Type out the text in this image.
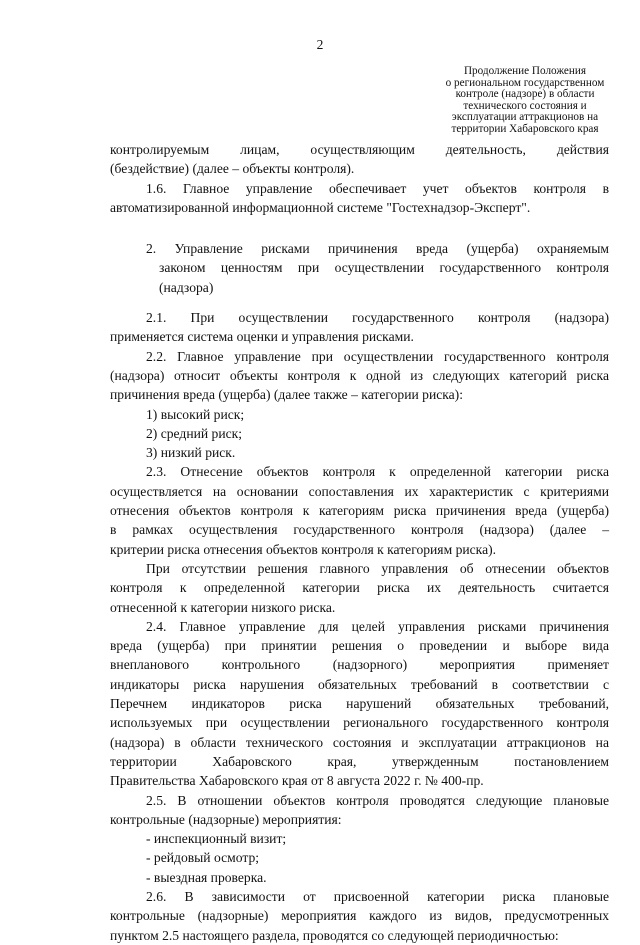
2
Продолжение Положения
о региональном государственном
контроле (надзоре) в области
технического состояния и
эксплуатации аттракционов на
территории Хабаровского края
контролируемым лицам, осуществляющим деятельность, действия
(бездействие) (далее – объекты контроля).
1.6. Главное управление обеспечивает учет объектов контроля в
автоматизированной информационной системе "Гостехнадзор-Эксперт".
2. Управление рисками причинения вреда (ущерба) охраняемым
законом ценностям при осуществлении государственного контроля
(надзора)
2.1. При осуществлении государственного контроля (надзора)
применяется система оценки и управления рисками.
2.2. Главное управление при осуществлении государственного контроля
(надзора) относит объекты контроля к одной из следующих категорий риска
причинения вреда (ущерба) (далее также – категории риска):
1) высокий риск;
2) средний риск;
3) низкий риск.
2.3. Отнесение объектов контроля к определенной категории риска
осуществляется на основании сопоставления их характеристик с критериями
отнесения объектов контроля к категориям риска причинения вреда (ущерба)
в рамках осуществления государственного контроля (надзора) (далее –
критерии риска отнесения объектов контроля к категориям риска).
При отсутствии решения главного управления об отнесении объектов
контроля к определенной категории риска их деятельность считается
отнесенной к категории низкого риска.
2.4. Главное управление для целей управления рисками причинения
вреда (ущерба) при принятии решения о проведении и выборе вида
внепланового контрольного (надзорного) мероприятия применяет
индикаторы риска нарушения обязательных требований в соответствии с
Перечнем индикаторов риска нарушений обязательных требований,
используемых при осуществлении регионального государственного контроля
(надзора) в области технического состояния и эксплуатации аттракционов на
территории Хабаровского края, утвержденным постановлением
Правительства Хабаровского края от 8 августа 2022 г. № 400-пр.
2.5. В отношении объектов контроля проводятся следующие плановые
контрольные (надзорные) мероприятия:
- инспекционный визит;
- рейдовый осмотр;
- выездная проверка.
2.6. В зависимости от присвоенной категории риска плановые
контрольные (надзорные) мероприятия каждого из видов, предусмотренных
пунктом 2.5 настоящего раздела, проводятся со следующей периодичностью:
